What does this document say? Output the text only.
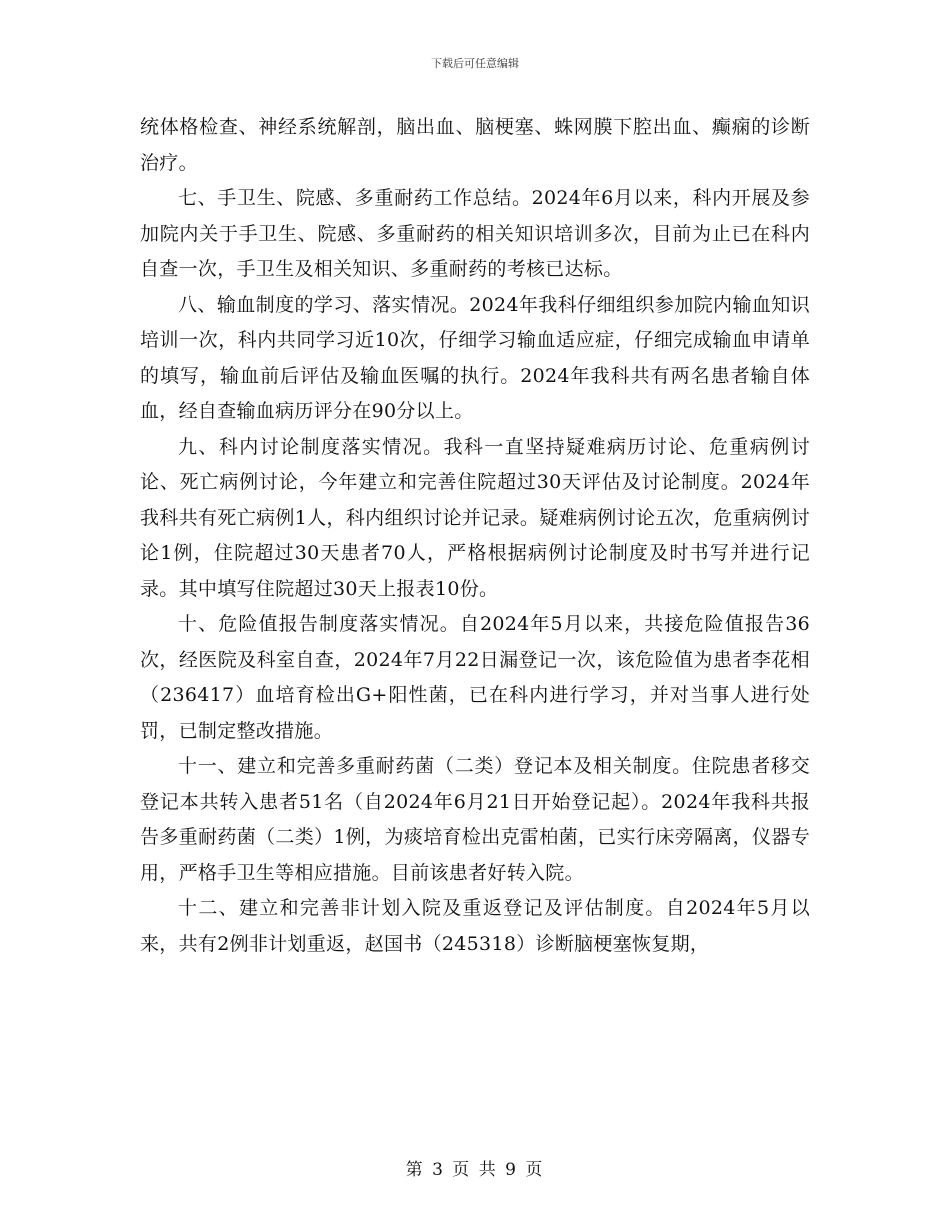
下载后可任意编辑

统体格检查、神经系统解剖，脑出血、脑梗塞、蛛网膜下腔出血、癫痫的诊断治疗。

七、手卫生、院感、多重耐药工作总结。2024年6月以来，科内开展及参加院内关于手卫生、院感、多重耐药的相关知识培训多次，目前为止已在科内自查一次，手卫生及相关知识、多重耐药的考核已达标。

八、输血制度的学习、落实情况。2024年我科仔细组织参加院内输血知识培训一次，科内共同学习近10次，仔细学习输血适应症，仔细完成输血申请单的填写，输血前后评估及输血医嘱的执行。2024年我科共有两名患者输自体血，经自查输血病历评分在90分以上。

九、科内讨论制度落实情况。我科一直坚持疑难病历讨论、危重病例讨论、死亡病例讨论，今年建立和完善住院超过30天评估及讨论制度。2024年我科共有死亡病例1人，科内组织讨论并记录。疑难病例讨论五次，危重病例讨论1例，住院超过30天患者70人，严格根据病例讨论制度及时书写并进行记录。其中填写住院超过30天上报表10份。

十、危险值报告制度落实情况。自2024年5月以来，共接危险值报告36次，经医院及科室自查，2024年7月22日漏登记一次，该危险值为患者李花相（236417）血培育检出G+阳性菌，已在科内进行学习，并对当事人进行处罚，已制定整改措施。

十一、建立和完善多重耐药菌（二类）登记本及相关制度。住院患者移交登记本共转入患者51名（自2024年6月21日开始登记起）。2024年我科共报告多重耐药菌（二类）1例，为痰培育检出克雷柏菌，已实行床旁隔离，仪器专用，严格手卫生等相应措施。目前该患者好转入院。

十二、建立和完善非计划入院及重返登记及评估制度。自2024年5月以来，共有2例非计划重返，赵国书（245318）诊断脑梗塞恢复期，

第 3 页 共 9 页
